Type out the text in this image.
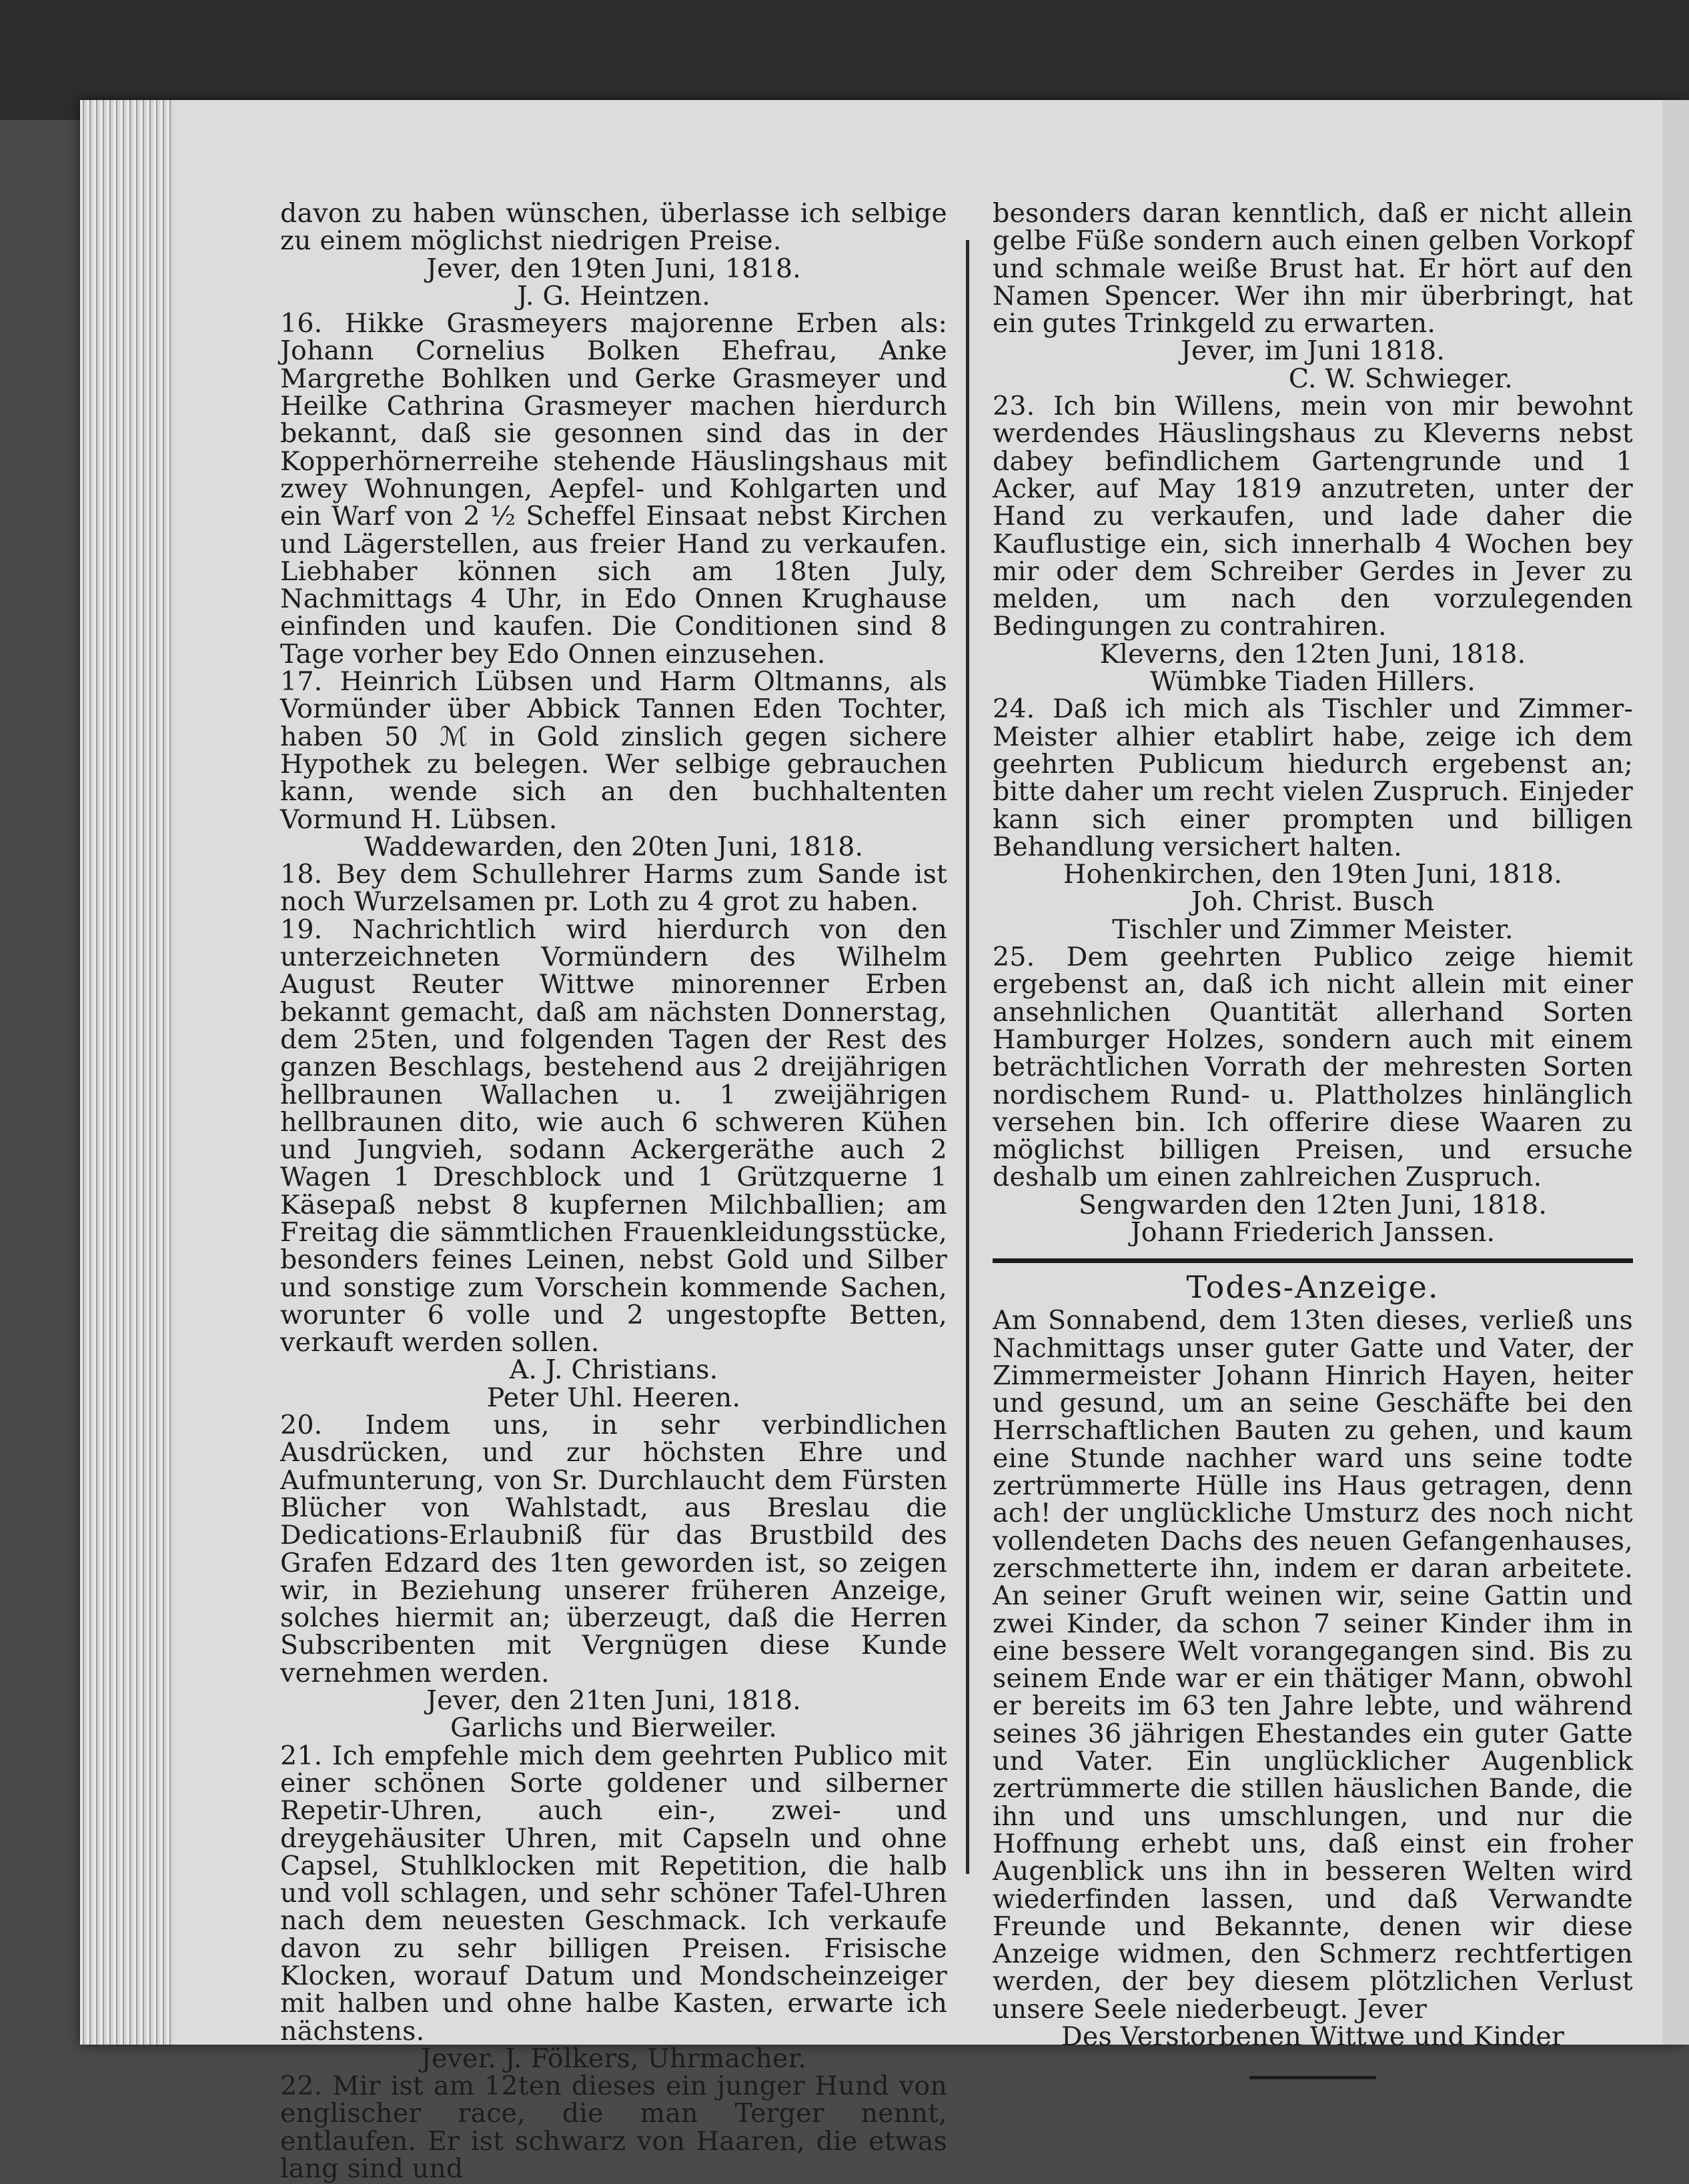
davon zu haben wünschen, überlasse ich selbige zu einem möglichst niedrigen Preise.

Jever, den 19ten Juni, 1818.

J. G. Heintzen.

16. Hikke Grasmeyers majorenne Erben als: Johann Cornelius Bolken Ehefrau, Anke Margrethe Bohlken und Gerke Grasmeyer und Heilke Cathrina Grasmeyer machen hierdurch bekannt, daß sie gesonnen sind das in der Kopperhörnerreihe stehende Häuslingshaus mit zwey Wohnungen, Aepfel- und Kohlgarten und ein Warf von 2 ½ Scheffel Einsaat nebst Kirchen und Lägerstellen, aus freier Hand zu verkaufen. Liebhaber können sich am 18ten July, Nachmittags 4 Uhr, in Edo Onnen Krughause einfinden und kaufen. Die Conditionen sind 8 Tage vorher bey Edo Onnen einzusehen.

17. Heinrich Lübsen und Harm Oltmanns, als Vormünder über Abbick Tannen Eden Tochter, haben 50 ℳ in Gold zinslich gegen sichere Hypothek zu belegen. Wer selbige gebrauchen kann, wende sich an den buchhaltenten Vormund H. Lübsen.

Waddewarden, den 20ten Juni, 1818.

18. Bey dem Schullehrer Harms zum Sande ist noch Wurzelsamen pr. Loth zu 4 grot zu haben.

19. Nachrichtlich wird hierdurch von den unterzeichneten Vormündern des Wilhelm August Reuter Wittwe minorenner Erben bekannt gemacht, daß am nächsten Donnerstag, dem 25ten, und folgenden Tagen der Rest des ganzen Beschlags, bestehend aus 2 dreijährigen hellbraunen Wallachen u. 1 zweijährigen hellbraunen dito, wie auch 6 schweren Kühen und Jungvieh, sodann Ackergeräthe auch 2 Wagen 1 Dreschblock und 1 Grützquerne 1 Käsepaß nebst 8 kupfernen Milchballien; am Freitag die sämmtlichen Frauenkleidungsstücke, besonders feines Leinen, nebst Gold und Silber und sonstige zum Vorschein kommende Sachen, worunter 6 volle und 2 ungestopfte Betten, verkauft werden sollen.

A. J. Christians.

Peter Uhl. Heeren.

20. Indem uns, in sehr verbindlichen Ausdrücken, und zur höchsten Ehre und Aufmunterung, von Sr. Durchlaucht dem Fürsten Blücher von Wahlstadt, aus Breslau die Dedications-Erlaubniß für das Brustbild des Grafen Edzard des 1ten geworden ist, so zeigen wir, in Beziehung unserer früheren Anzeige, solches hiermit an; überzeugt, daß die Herren Subscribenten mit Vergnügen diese Kunde vernehmen werden.

Jever, den 21ten Juni, 1818.

Garlichs und Bierweiler.

21. Ich empfehle mich dem geehrten Publico mit einer schönen Sorte goldener und silberner Repetir-Uhren, auch ein-, zwei- und dreygehäusiter Uhren, mit Capseln und ohne Capsel, Stuhlklocken mit Repetition, die halb und voll schlagen, und sehr schöner Tafel-Uhren nach dem neuesten Geschmack. Ich verkaufe davon zu sehr billigen Preisen. Frisische Klocken, worauf Datum und Mondscheinzeiger mit halben und ohne halbe Kasten, erwarte ich nächstens.

Jever. J. Fölkers, Uhrmacher.

22. Mir ist am 12ten dieses ein junger Hund von englischer race, die man Terger nennt, entlaufen. Er ist schwarz von Haaren, die etwas lang sind und

besonders daran kenntlich, daß er nicht allein gelbe Füße sondern auch einen gelben Vorkopf und schmale weiße Brust hat. Er hört auf den Namen Spencer. Wer ihn mir überbringt, hat ein gutes Trinkgeld zu erwarten.

Jever, im Juni 1818.

C. W. Schwieger.

23. Ich bin Willens, mein von mir bewohnt werdendes Häuslingshaus zu Kleverns nebst dabey befindlichem Gartengrunde und 1 Acker, auf May 1819 anzutreten, unter der Hand zu verkaufen, und lade daher die Kauflustige ein, sich innerhalb 4 Wochen bey mir oder dem Schreiber Gerdes in Jever zu melden, um nach den vorzulegenden Bedingungen zu contrahiren.

Kleverns, den 12ten Juni, 1818.

Wümbke Tiaden Hillers.

24. Daß ich mich als Tischler und Zimmer-Meister alhier etablirt habe, zeige ich dem geehrten Publicum hiedurch ergebenst an; bitte daher um recht vielen Zuspruch. Einjeder kann sich einer prompten und billigen Behandlung versichert halten.

Hohenkirchen, den 19ten Juni, 1818.

Joh. Christ. Busch

Tischler und Zimmer Meister.

25. Dem geehrten Publico zeige hiemit ergebenst an, daß ich nicht allein mit einer ansehnlichen Quantität allerhand Sorten Hamburger Holzes, sondern auch mit einem beträchtlichen Vorrath der mehresten Sorten nordischem Rund- u. Plattholzes hinlänglich versehen bin. Ich offerire diese Waaren zu möglichst billigen Preisen, und ersuche deshalb um einen zahlreichen Zuspruch.

Sengwarden den 12ten Juni, 1818.

Johann Friederich Janssen.

Todes-Anzeige.

Am Sonnabend, dem 13ten dieses, verließ uns Nachmittags unser guter Gatte und Vater, der Zimmermeister Johann Hinrich Hayen, heiter und gesund, um an seine Geschäfte bei den Herrschaftlichen Bauten zu gehen, und kaum eine Stunde nachher ward uns seine todte zertrümmerte Hülle ins Haus getragen, denn ach! der unglückliche Umsturz des noch nicht vollendeten Dachs des neuen Gefangenhauses, zerschmetterte ihn, indem er daran arbeitete. An seiner Gruft weinen wir, seine Gattin und zwei Kinder, da schon 7 seiner Kinder ihm in eine bessere Welt vorangegangen sind. Bis zu seinem Ende war er ein thätiger Mann, obwohl er bereits im 63 ten Jahre lebte, und während seines 36 jährigen Ehestandes ein guter Gatte und Vater. Ein unglücklicher Augenblick zertrümmerte die stillen häuslichen Bande, die ihn und uns umschlungen, und nur die Hoffnung erhebt uns, daß einst ein froher Augenblick uns ihn in besseren Welten wird wiederfinden lassen, und daß Verwandte Freunde und Bekannte, denen wir diese Anzeige widmen, den Schmerz rechtfertigen werden, der bey diesem plötzlichen Verlust unsere Seele niederbeugt. Jever

Des Verstorbenen Wittwe und Kinder
